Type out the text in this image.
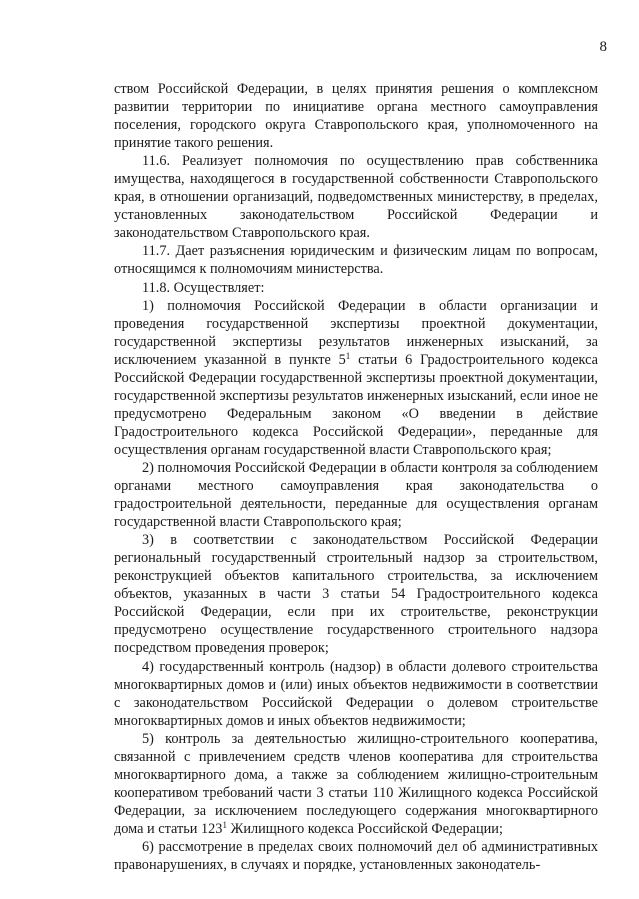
8

ством Российской Федерации, в целях принятия решения о комплексном развитии территории по инициативе органа местного самоуправления поселения, городского округа Ставропольского края, уполномоченного на принятие такого решения.

11.6. Реализует полномочия по осуществлению прав собственника имущества, находящегося в государственной собственности Ставропольского края, в отношении организаций, подведомственных министерству, в пределах, установленных законодательством Российской Федерации и законодательством Ставропольского края.

11.7. Дает разъяснения юридическим и физическим лицам по вопросам, относящимся к полномочиям министерства.

11.8. Осуществляет:

1) полномочия Российской Федерации в области организации и проведения государственной экспертизы проектной документации, государственной экспертизы результатов инженерных изысканий, за исключением указанной в пункте $5^1$ статьи 6 Градостроительного кодекса Российской Федерации государственной экспертизы проектной документации, государственной экспертизы результатов инженерных изысканий, если иное не предусмотрено Федеральным законом «О введении в действие Градостроительного кодекса Российской Федерации», переданные для осуществления органам государственной власти Ставропольского края;

2) полномочия Российской Федерации в области контроля за соблюдением органами местного самоуправления края законодательства о градостроительной деятельности, переданные для осуществления органам государственной власти Ставропольского края;

3) в соответствии с законодательством Российской Федерации региональный государственный строительный надзор за строительством, реконструкцией объектов капитального строительства, за исключением объектов, указанных в части 3 статьи 54 Градостроительного кодекса Российской Федерации, если при их строительстве, реконструкции предусмотрено осуществление государственного строительного надзора посредством проведения проверок;

4) государственный контроль (надзор) в области долевого строительства многоквартирных домов и (или) иных объектов недвижимости в соответствии с законодательством Российской Федерации о долевом строительстве многоквартирных домов и иных объектов недвижимости;

5) контроль за деятельностью жилищно-строительного кооператива, связанной с привлечением средств членов кооператива для строительства многоквартирного дома, а также за соблюдением жилищно-строительным кооперативом требований части 3 статьи 110 Жилищного кодекса Российской Федерации, за исключением последующего содержания многоквартирного дома и статьи $123^1$ Жилищного кодекса Российской Федерации;

6) рассмотрение в пределах своих полномочий дел об административных правонарушениях, в случаях и порядке, установленных законодатель-
